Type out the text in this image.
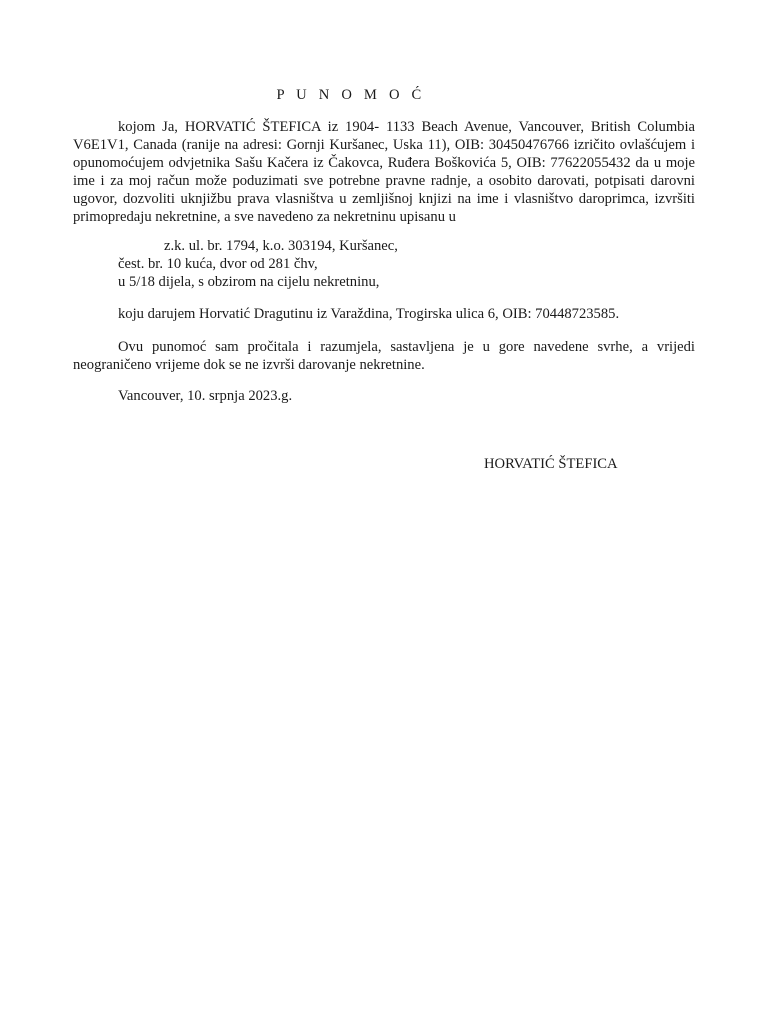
P U N O M O Ć

kojom Ja, HORVATIĆ ŠTEFICA iz 1904- 1133 Beach Avenue, Vancouver, British Columbia V6E1V1, Canada (ranije na adresi: Gornji Kuršanec, Uska 11), OIB: 30450476766 izričito ovlašćujem i opunomoćujem odvjetnika Sašu Kačera iz Čakovca, Ruđera Boškovića 5, OIB: 77622055432 da u moje ime i za moj račun može poduzimati sve potrebne pravne radnje, a osobito darovati, potpisati darovni ugovor, dozvoliti uknjižbu prava vlasništva u zemljišnoj knjizi na ime i vlasništvo daroprimca, izvršiti primopredaju nekretnine, a sve navedeno za nekretninu upisanu u

z.k. ul. br. 1794, k.o. 303194, Kuršanec,
čest. br. 10 kuća, dvor od 281 čhv,
u 5/18 dijela, s obzirom na cijelu nekretninu,

koju darujem Horvatić Dragutinu iz Varaždina, Trogirska ulica 6, OIB: 70448723585.

Ovu punomoć sam pročitala i razumjela, sastavljena je u gore navedene svrhe, a vrijedi neograničeno vrijeme dok se ne izvrši darovanje nekretnine.

Vancouver, 10. srpnja 2023.g.
HORVATIĆ ŠTEFICA
